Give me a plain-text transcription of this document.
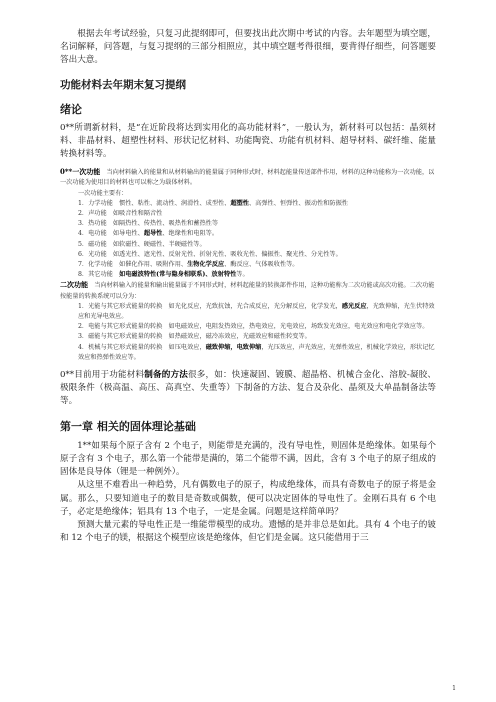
根据去年考试经验，只复习此提纲即可，但要找出此次期中考试的内容。去年题型为填空题，名词解释，问答题，与复习提纲的三部分相照应，其中填空题考得很细，要背得仔细些，问答题要答出大意。

功能材料去年期末复习提纲
绪论

0**所谓新材料，是“在近阶段将达到实用化的高功能材料”，一般认为，新材料可以包括：晶须材料、非晶材料、超塑性材料、形状记忆材料、功能陶瓷、功能有机材料、超导材料、碳纤维、能量转换材料等。

0**一次功能　 当向材料输入的能量和从材料输出的能量属于同种形式时，材料起能量传送部件作用，材料的这种功能称为一次功能，以一次功能为使用目的材料也可以称之为载体材料。

一次功能主要有：

1．力学功能　惯性、粘性、流动性、润滑性、成型性、超塑性、高弹性、恒弹性、振动性和防振性

2．声功能　如吸音性和隔音性

3．热功能　如隔热性、传热性、吸热性和蓄热性等

4．电功能　如导电性、超导性、绝缘性和电阻等。

5．磁功能　如软磁性、硬磁性、半硬磁性等。

6．光功能　如透光性、遮光性、反射光性、折射光性、吸收光性、偏振性、聚光性、分光性等。

7．化学功能　如催化作用、吸附作用、生物化学反应、酶反应、气体吸收性等。

8．其它功能　如电磁波特性(常与隐身相联系)、放射特性等。

二次功能　 当向材料输入的能量和输出能量属于不同形式时，材料起能量的转换部件作用，这种功能称为二次功能或高次功能。二次功能按能量的转换系统可以分为：

1．光能与其它形式能量的转换　如光化反应，光致抗蚀，光合成反应，光分解反应，化学发光，感光反应，光致伸缩，光生伏特效应和光导电效应。

2．电能与其它形式能量的转换　如电磁效应，电阻发热效应，热电效应，光电效应，场致发光效应，电光效应和电化学效应等。

3．磁能与其它形式能量的转换　如热磁效应，磁冷冻效应，光磁效应和磁性转变等。

4．机械与其它形式能量的转换　如压电效应，磁致伸缩，电致伸缩，光压效应，声光效应，光弹性效应，机械化学效应，形状记忆效应和热弹性效应等。

0**目前用于功能材料制备的方法很多，如：快速凝固、镀膜、超晶格、机械合金化、溶胶-凝胶、极限条件（极高温、高压、高真空、失重等）下制备的方法、复合及杂化、晶须及大单晶制备法等等。

第一章 相关的固体理论基础

1**如果每个原子含有 2 个电子，则能带是充满的，没有导电性，则固体是绝缘体。如果每个原子含有 3 个电子，那么第一个能带是满的，第二个能带不满，因此，含有 3 个电子的原子组成的固体是良导体（锂是一种例外）。

从这里不难看出一种趋势，凡有偶数电子的原子，构成绝缘体，而具有奇数电子的原子将是金属。那么，只要知道电子的数目是奇数或偶数，便可以决定固体的导电性了。金刚石具有 6 个电子，必定是绝缘体；铝具有 13 个电子，一定是金属。问题是这样简单吗？

预测大量元素的导电性正是一维能带模型的成功。遗憾的是并非总是如此。具有 4 个电子的铍和 12 个电子的镁，根据这个模型应该是绝缘体，但它们是金属。这只能借用于三

1
